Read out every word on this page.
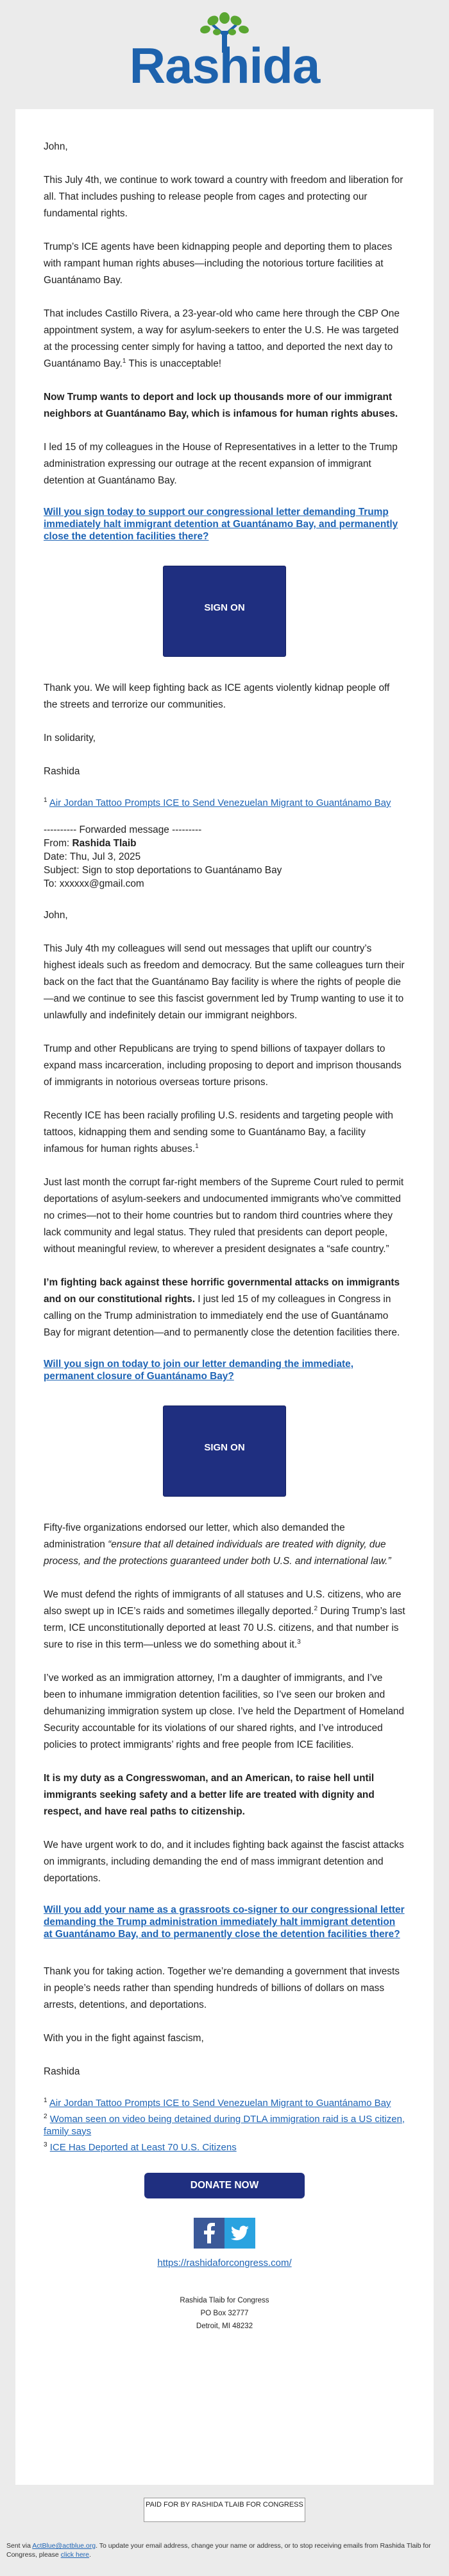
Rashida

John,

This July 4th, we continue to work toward a country with freedom and liberation for all. That includes pushing to release people from cages and protecting our fundamental rights.

Trump’s ICE agents have been kidnapping people and deporting them to places with rampant human rights abuses—including the notorious torture facilities at Guantánamo Bay.

That includes Castillo Rivera, a 23-year-old who came here through the CBP One appointment system, a way for asylum-seekers to enter the U.S. He was targeted at the processing center simply for having a tattoo, and deported the next day to Guantánamo Bay.$^1$ This is unacceptable!

Now Trump wants to deport and lock up thousands more of our immigrant neighbors at Guantánamo Bay, which is infamous for human rights abuses.

I led 15 of my colleagues in the House of Representatives in a letter to the Trump administration expressing our outrage at the recent expansion of immigrant detention at Guantánamo Bay.

Will you sign today to support our congressional letter demanding Trump immediately halt immigrant detention at Guantánamo Bay, and permanently close the detention facilities there?

SIGN ON

Thank you. We will keep fighting back as ICE agents violently kidnap people off the streets and terrorize our communities.

In solidarity,

Rashida

$^1$ Air Jordan Tattoo Prompts ICE to Send Venezuelan Migrant to Guantánamo Bay

---------- Forwarded message ---------
From: Rashida Tlaib
Date: Thu, Jul 3, 2025
Subject: Sign to stop deportations to Guantánamo Bay
To: xxxxxx@gmail.com

John,

This July 4th my colleagues will send out messages that uplift our country’s highest ideals such as freedom and democracy. But the same colleagues turn their back on the fact that the Guantánamo Bay facility is where the rights of people die—and we continue to see this fascist government led by Trump wanting to use it to unlawfully and indefinitely detain our immigrant neighbors.

Trump and other Republicans are trying to spend billions of taxpayer dollars to expand mass incarceration, including proposing to deport and imprison thousands of immigrants in notorious overseas torture prisons.

Recently ICE has been racially profiling U.S. residents and targeting people with tattoos, kidnapping them and sending some to Guantánamo Bay, a facility infamous for human rights abuses.$^1$

Just last month the corrupt far-right members of the Supreme Court ruled to permit deportations of asylum-seekers and undocumented immigrants who’ve committed no crimes—not to their home countries but to random third countries where they lack community and legal status. They ruled that presidents can deport people, without meaningful review, to wherever a president designates a “safe country.”

I’m fighting back against these horrific governmental attacks on immigrants and on our constitutional rights. I just led 15 of my colleagues in Congress in calling on the Trump administration to immediately end the use of Guantánamo Bay for migrant detention—and to permanently close the detention facilities there.

Will you sign on today to join our letter demanding the immediate, permanent closure of Guantánamo Bay?

SIGN ON

Fifty-five organizations endorsed our letter, which also demanded the administration “ensure that all detained individuals are treated with dignity, due process, and the protections guaranteed under both U.S. and international law.”

We must defend the rights of immigrants of all statuses and U.S. citizens, who are also swept up in ICE’s raids and sometimes illegally deported.$^2$ During Trump’s last term, ICE unconstitutionally deported at least 70 U.S. citizens, and that number is sure to rise in this term—unless we do something about it.$^3$

I’ve worked as an immigration attorney, I’m a daughter of immigrants, and I’ve been to inhumane immigration detention facilities, so I’ve seen our broken and dehumanizing immigration system up close. I’ve held the Department of Homeland Security accountable for its violations of our shared rights, and I’ve introduced policies to protect immigrants’ rights and free people from ICE facilities.

It is my duty as a Congresswoman, and an American, to raise hell until immigrants seeking safety and a better life are treated with dignity and respect, and have real paths to citizenship.

We have urgent work to do, and it includes fighting back against the fascist attacks on immigrants, including demanding the end of mass immigrant detention and deportations.

Will you add your name as a grassroots co-signer to our congressional letter demanding the Trump administration immediately halt immigrant detention at Guantánamo Bay, and to permanently close the detention facilities there?

Thank you for taking action. Together we’re demanding a government that invests in people’s needs rather than spending hundreds of billions of dollars on mass arrests, detentions, and deportations.

With you in the fight against fascism,

Rashida

$^1$ Air Jordan Tattoo Prompts ICE to Send Venezuelan Migrant to Guantánamo Bay

$^2$ Woman seen on video being detained during DTLA immigration raid is a US citizen, family says

$^3$ ICE Has Deported at Least 70 U.S. Citizens

DONATE NOW
https://rashidaforcongress.com/
Rashida Tlaib for Congress
PO Box 32777
Detroit, MI 48232
PAID FOR BY RASHIDA TLAIB FOR CONGRESS
Sent via ActBlue@actblue.org. To update your email address, change your name or address, or to stop receiving emails from Rashida Tlaib for Congress, please click here.
